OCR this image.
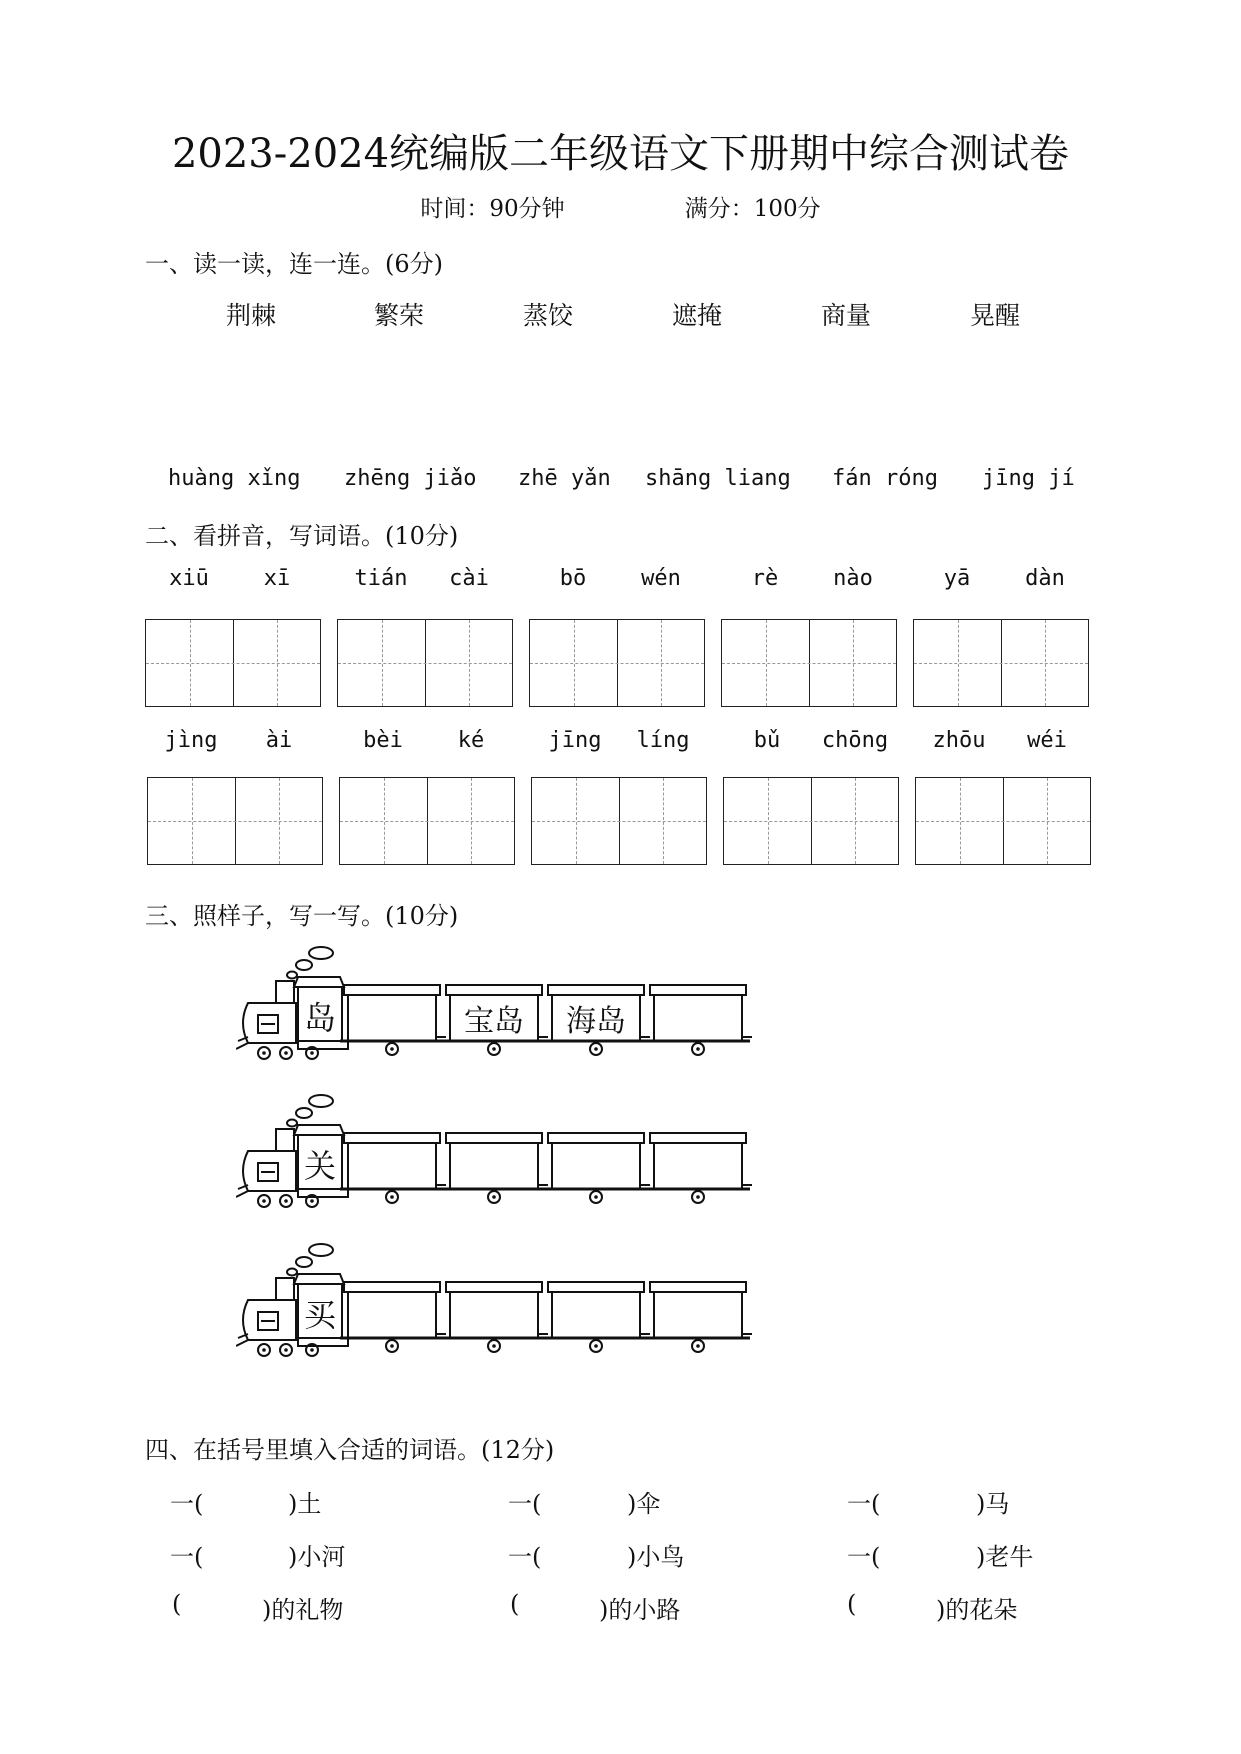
2023-2024统编版二年级语文下册期中综合测试卷
时间：90分钟	满分：100分
一、读一读，连一连。(6分)
荆棘	繁荣	蒸饺	遮掩	商量	晃醒
huàng xǐng zhēng jiǎo zhē yǎn shāng liang fán róng jīng jí
二、看拼音，写词语。(10分)
xiū	xī	tián	cài	bō	wén	rè	nào	yā	dàn
jìng	ài	bèi	ké	jīng	líng	bǔ	chōng	zhōu	wéi
三、照样子，写一写。(10分)
岛	宝岛 海岛
关
买
四、在括号里填入合适的词语。(12分)
一(	)土	一(	)伞	一(	)马
一(	)小河	一(	)小鸟	一(	)老牛
(	)的礼物	(	)的小路	(	)的花朵
